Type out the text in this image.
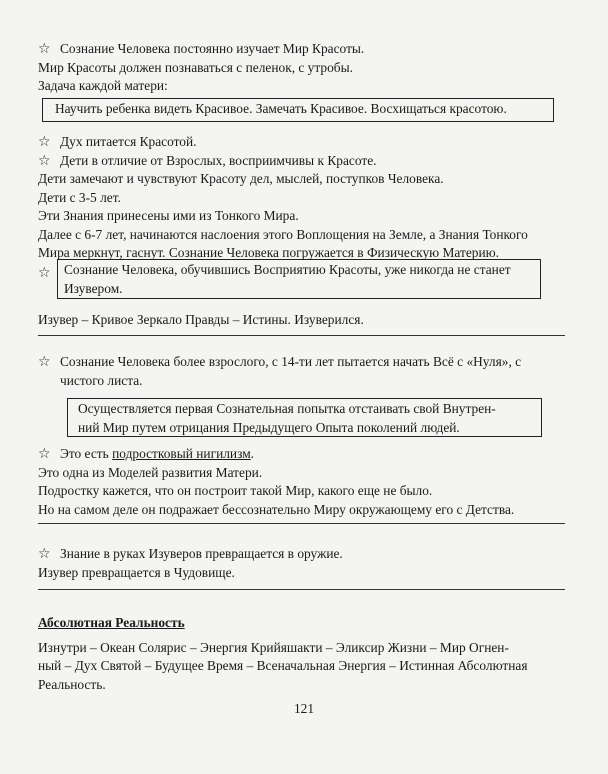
☆ Сознание Человека постоянно изучает Мир Красоты.
Мир Красоты должен познаваться с пеленок, с утробы.
Задача каждой матери:
Научить ребенка видеть Красивое. Замечать Красивое. Восхищаться красотою.
☆ Дух питается Красотой.
☆ Дети в отличие от Взрослых, восприимчивы к Красоте.
Дети замечают и чувствуют Красоту дел, мыслей, поступков Человека.
Дети с 3-5 лет.
Эти Знания принесены ими из Тонкого Мира.
Далее с 6-7 лет, начинаются наслоения этого Воплощения на Земле, а Знания Тонкого
Мира меркнут, гаснут. Сознание Человека погружается в Физическую Материю.
☆	Сознание Человека, обучившись Восприятию Красоты, уже никогда не станет
Изувером.
Изувер – Кривое Зеркало Правды – Истины. Изуверился.
☆ Сознание Человека более взрослого, с 14-ти лет пытается начать Всё с «Нуля», с
чистого листа.
Осуществляется первая Сознательная попытка отстаивать свой Внутрен-
ний Мир путем отрицания Предыдущего Опыта поколений людей.
☆ Это есть подростковый нигилизм.
Это одна из Моделей развития Матери.
Подростку кажется, что он построит такой Мир, какого еще не было.
Но на самом деле он подражает бессознательно Миру окружающему его с Детства.
☆ Знание в руках Изуверов превращается в оружие.
Изувер превращается в Чудовище.
Абсолютная Реальность
Изнутри – Океан Солярис – Энергия Крийяшакти – Эликсир Жизни – Мир Огнен-
ный – Дух Святой – Будущее Время – Всеначальная Энергия – Истинная Абсолютная
Реальность.
121
